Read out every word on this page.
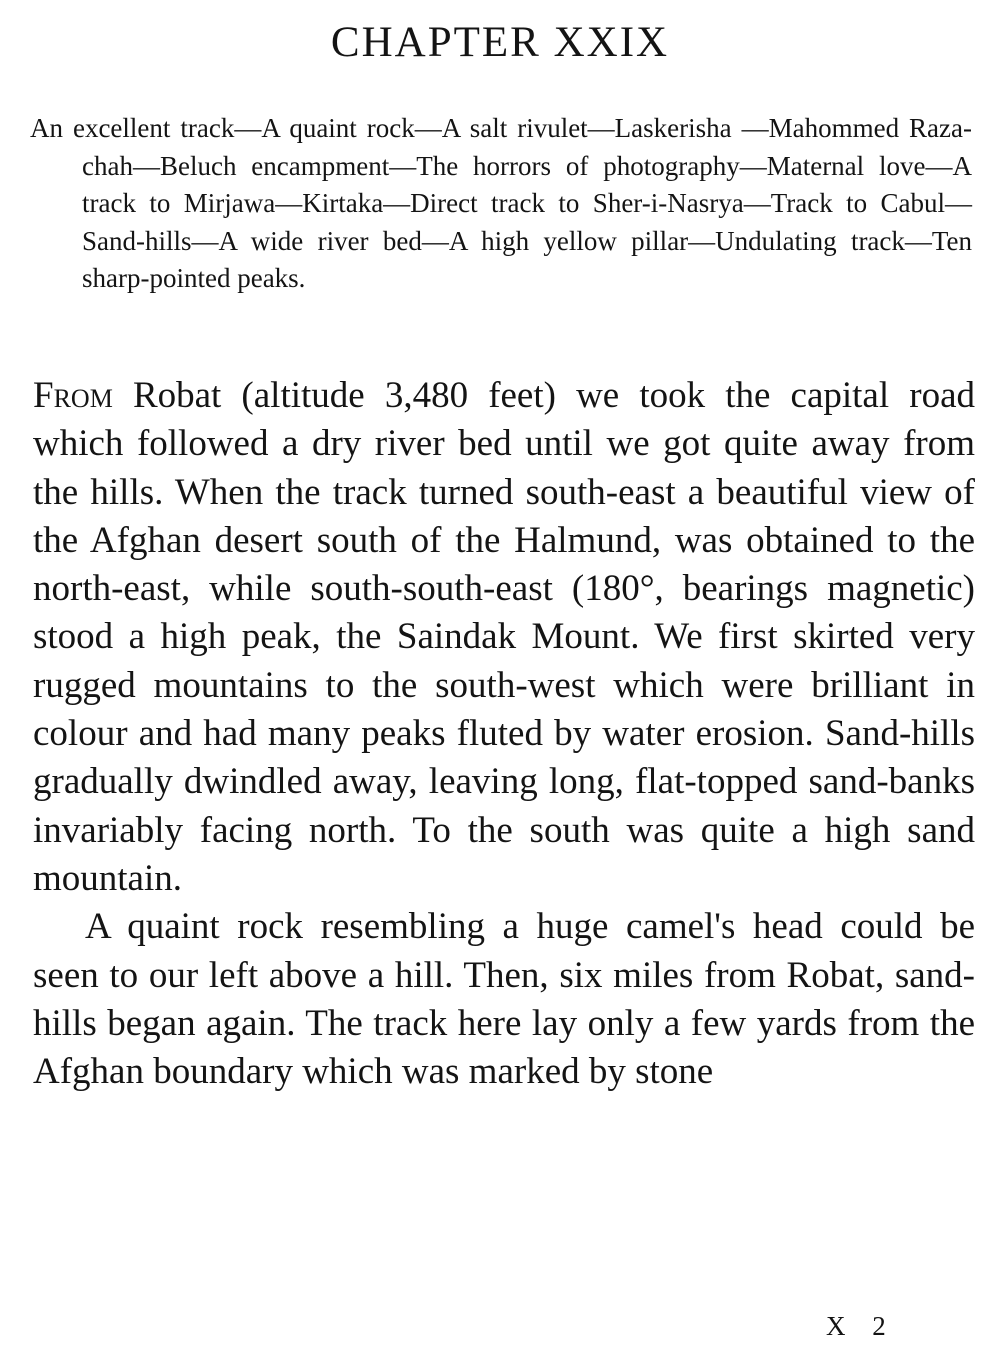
CHAPTER XXIX
An excellent track—A quaint rock—A salt rivulet—Laskerisha —Mahommed Raza-chah—Beluch encampment—The horrors of photography—Maternal love—A track to Mirjawa—Kirtaka—Direct track to Sher-i-Nasrya—Track to Cabul—Sand-hills—A wide river bed—A high yellow pillar—Undulating track—Ten sharp-pointed peaks.

From Robat (altitude 3,480 feet) we took the capital road which followed a dry river bed until we got quite away from the hills. When the track turned south-east a beautiful view of the Afghan desert south of the Halmund, was obtained to the north-east, while south-south-east (180°, bearings magnetic) stood a high peak, the Saindak Mount. We first skirted very rugged mountains to the south-west which were brilliant in colour and had many peaks fluted by water erosion. Sand-hills gradually dwindled away, leaving long, flat-topped sand-banks invariably facing north. To the south was quite a high sand mountain.

A quaint rock resembling a huge camel's head could be seen to our left above a hill. Then, six miles from Robat, sand-hills began again. The track here lay only a few yards from the Afghan boundary which was marked by stone

X 2
